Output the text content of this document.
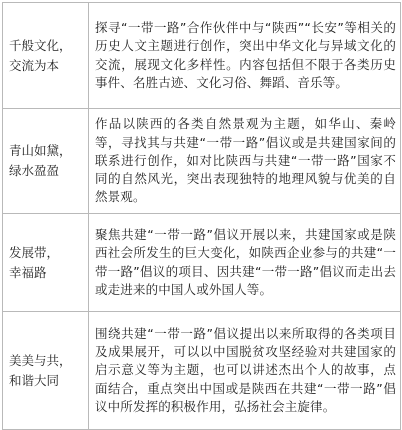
千般文化，
交流为本	探寻“一带一路”合作伙伴中与“陕西”“长安”等相关的历史人文主题进行创作，突出中华文化与异域文化的交流，展现文化多样性。内容包括但不限于各类历史事件、名胜古迹、文化习俗、舞蹈、音乐等。

青山如黛，
绿水盈盈	作品以陕西的各类自然景观为主题，如华山、秦岭等，寻找其与共建“一带一路”倡议或是共建国家间的联系进行创作，如对比陕西与共建“一带一路”国家不同的自然风光，突出表现独特的地理风貌与优美的自然景观。

发展带，
幸福路	聚焦共建“一带一路”倡议开展以来，共建国家或是陕西社会所发生的巨大变化，如陕西企业参与的共建“一带一路”倡议的项目、因共建“一带一路”倡议而走出去或走进来的中国人或外国人等。

美美与共，
和谐大同	围绕共建“一带一路”倡议提出以来所取得的各类项目及成果展开，可以以中国脱贫攻坚经验对共建国家的启示意义等为主题，也可以讲述杰出个人的故事，点面结合，重点突出中国或是陕西在共建“一带一路”倡议中所发挥的积极作用，弘扬社会主旋律。
